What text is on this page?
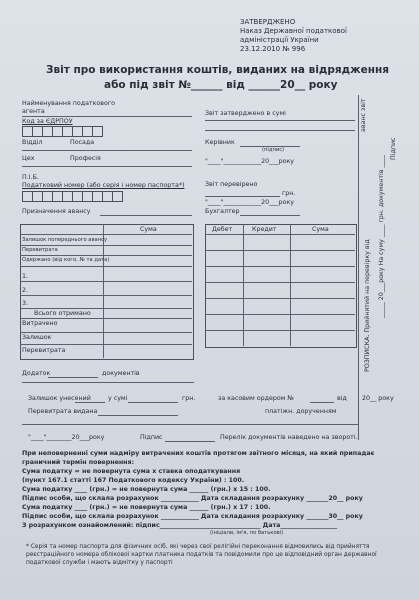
ЗАТВЕРДЖЕНО
Наказ Державної податкової
адміністрації України
23.12.2010 № 996
Звіт про використання коштів, виданих на відрядження
або під звіт №______ від ______20__ року
Найменування податкового
агента
Код за ЄДРПОУ
Відділ	Посада
Цех	Професія
П.І.Б.
Податковий номер (або серія і номер паспорта*)
Призначення авансу
Звіт затверджено в сумі
Керівник
(підпис)
"____"____________20___року
Звіт перевірено
грн.
"____"____________20___року
Бухгалтер
аванс звіт
Підпис
РОЗПИСКА. Прийнятий на перевірку від _____ 20___року На суму ____ грн. документів ____
Сума
Залишок попереднього авансу
Перевитрата
Одержано (від кого, № та дата)
1.
2.
3.
Всього отримано
Витрачено
Залишок
Перевитрата
Дебет	Кредит	Сума
Додаток	документів
Залишок унесений	у сумі	грн.	за касовим ордером №	від 20__ року
Перевитрата видана	платіжн. дорученням
"____"________20___року	Підпис	Перелік документів наведено на звороті.
При неповерненні суми надміру витрачених коштів протягом звітного місяця, на який припадає
граничний термін повернення:
Сума податку = не повернута сума х ставка оподаткування
(пункт 167.1 статті 167 Податкового кодексу України) : 100.
Сума податку ____ (грн.) = не повернута сума ______ (грн.) х 15 : 100.
Підпис особи, що склала розрахунок ____________ Дата складання розрахунку _______20__ року
Сума податку ____ (грн.) = не повернута сума ______ (грн.) х 17 : 100.
Підпис особи, що склала розрахунок ____________ Дата складання розрахунку _______30__ року
З розрахунком ознайомлений: підпис________________________________ Дата__________________
(ініціали, ім'я, по батькові)
* Серія та номер паспорта для фізичних осіб, які через свої релігійні переконання відмовились від прийняття
реєстраційного номера облікової картки платника податків та повідомили про це відповідний орган державної
податкової служби і мають відмітку у паспорті
